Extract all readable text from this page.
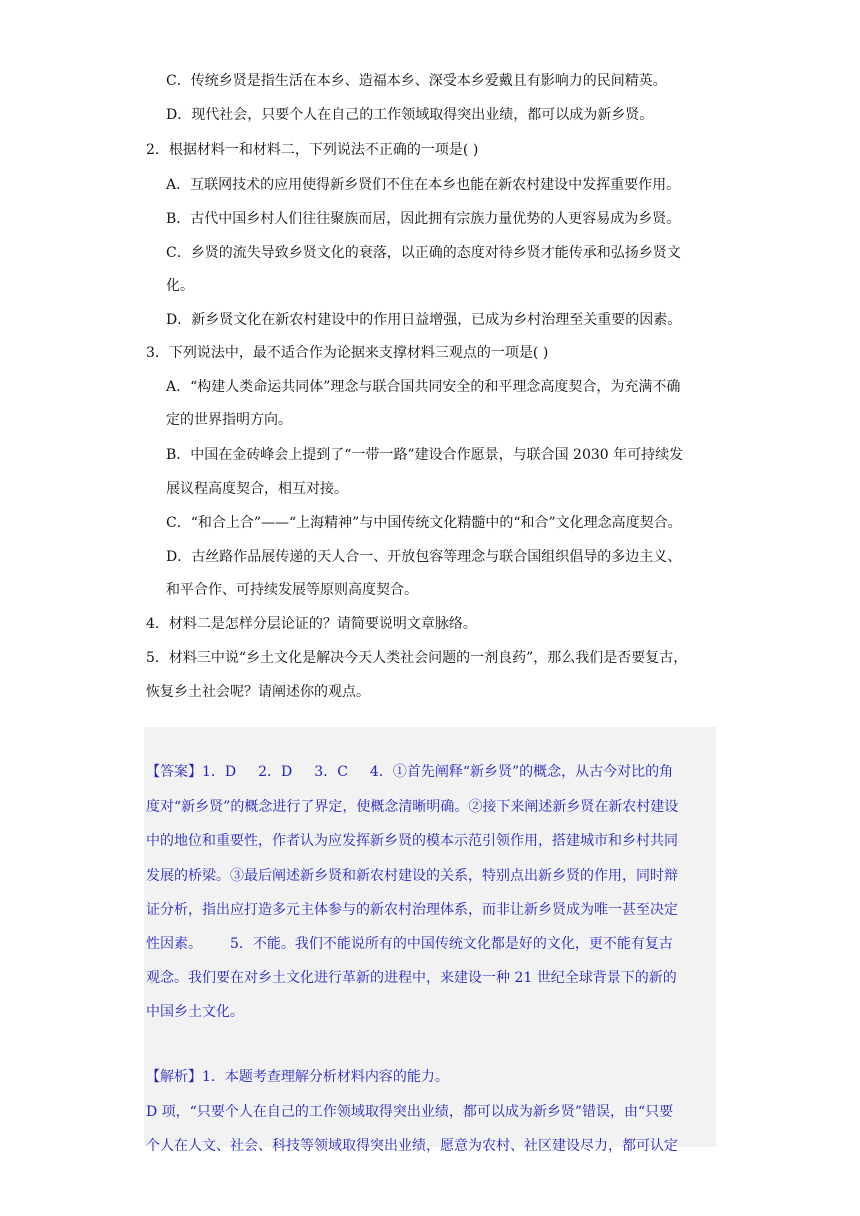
C．传统乡贤是指生活在本乡、造福本乡、深受本乡爱戴且有影响力的民间精英。

D．现代社会，只要个人在自己的工作领域取得突出业绩，都可以成为新乡贤。

2．根据材料一和材料二，下列说法不正确的一项是( )

A．互联网技术的应用使得新乡贤们不住在本乡也能在新农村建设中发挥重要作用。

B．古代中国乡村人们往往聚族而居，因此拥有宗族力量优势的人更容易成为乡贤。

C．乡贤的流失导致乡贤文化的衰落，以正确的态度对待乡贤才能传承和弘扬乡贤文

化。

D．新乡贤文化在新农村建设中的作用日益增强，已成为乡村治理至关重要的因素。

3．下列说法中，最不适合作为论据来支撑材料三观点的一项是( )

A．“构建人类命运共同体”理念与联合国共同安全的和平理念高度契合，为充满不确

定的世界指明方向。

B．中国在金砖峰会上提到了“一带一路”建设合作愿景，与联合国 2030 年可持续发

展议程高度契合，相互对接。

C．“和合上合”——“上海精神”与中国传统文化精髓中的“和合”文化理念高度契合。

D．古丝路作品展传递的天人合一、开放包容等理念与联合国组织倡导的多边主义、

和平合作、可持续发展等原则高度契合。

4．材料二是怎样分层论证的？请简要说明文章脉络。

5．材料三中说“乡土文化是解决今天人类社会问题的一剂良药”，那么我们是否要复古，

恢复乡土社会呢？请阐述你的观点。

【答案】1．D 2．D 3．C 4．①首先阐释“新乡贤”的概念，从古今对比的角

度对“新乡贤”的概念进行了界定，使概念清晰明确。②接下来阐述新乡贤在新农村建设

中的地位和重要性，作者认为应发挥新乡贤的模本示范引领作用，搭建城市和乡村共同

发展的桥梁。③最后阐述新乡贤和新农村建设的关系，特别点出新乡贤的作用，同时辩

证分析，指出应打造多元主体参与的新农村治理体系，而非让新乡贤成为唯一甚至决定

性因素。 5．不能。我们不能说所有的中国传统文化都是好的文化，更不能有复古

观念。我们要在对乡土文化进行革新的进程中，来建设一种 21 世纪全球背景下的新的

中国乡土文化。

【解析】1．本题考查理解分析材料内容的能力。

D 项，“只要个人在自己的工作领域取得突出业绩，都可以成为新乡贤”错误，由“只要

个人在人文、社会、科技等领域取得突出业绩，愿意为农村、社区建设尽力，都可认定
